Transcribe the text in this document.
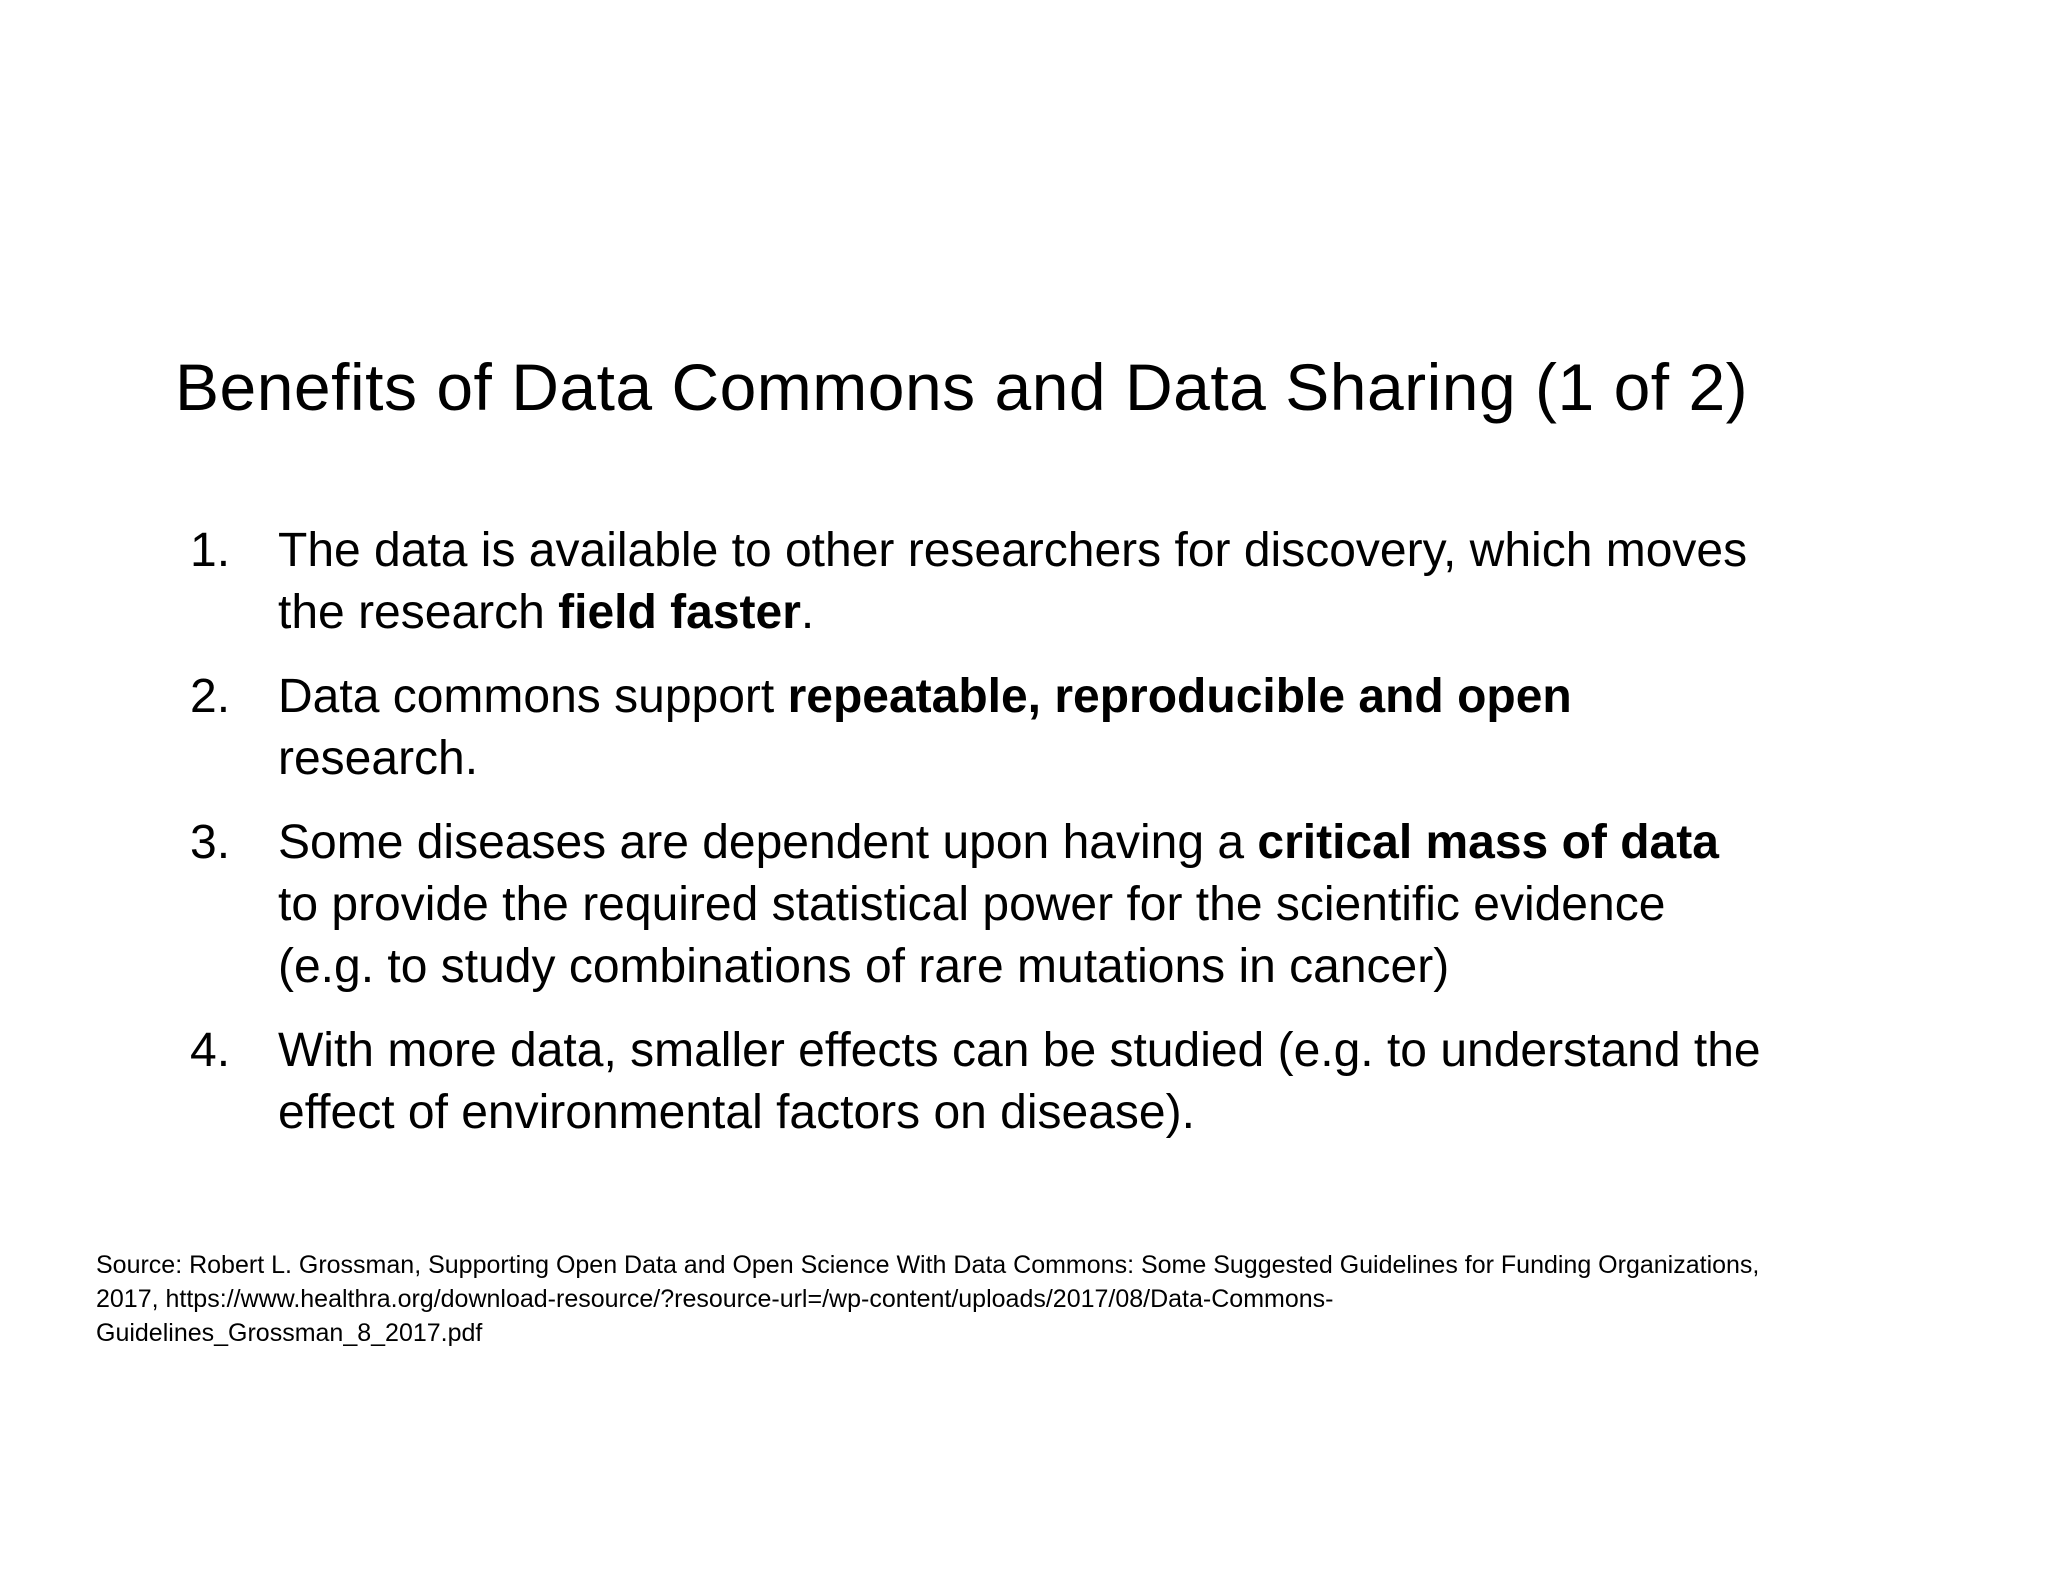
Benefits of Data Commons and Data Sharing (1 of 2)
1. The data is available to other researchers for discovery, which moves the research field faster.
2. Data commons support repeatable, reproducible and open research.
3. Some diseases are dependent upon having a critical mass of data to provide the required statistical power for the scientific evidence (e.g. to study combinations of rare mutations in cancer)
4. With more data, smaller effects can be studied (e.g. to understand the effect of environmental factors on disease).

Source: Robert L. Grossman, Supporting Open Data and Open Science With Data Commons: Some Suggested Guidelines for Funding Organizations,
2017, https://www.healthra.org/download-resource/?resource-url=/wp-content/uploads/2017/08/Data-Commons-
Guidelines_Grossman_8_2017.pdf
